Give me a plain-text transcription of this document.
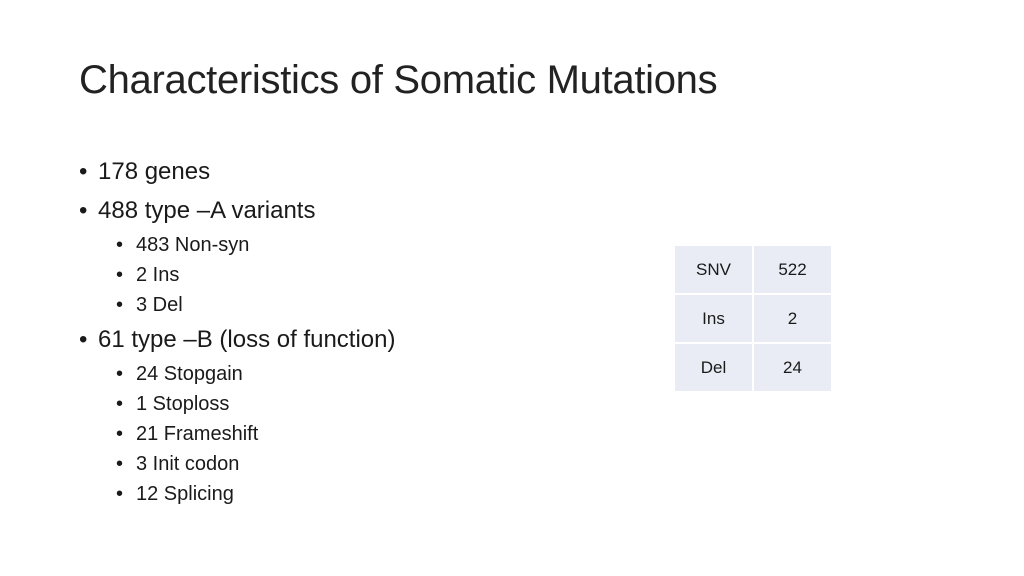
Characteristics of Somatic Mutations
• 178 genes
• 488 type –A variants
• 483 Non-syn
• 2 Ins
• 3 Del
• 61 type –B (loss of function)
• 24 Stopgain
• 1 Stoploss
• 21 Frameshift
• 3 Init codon
• 12 Splicing
SNV	522
Ins	2
Del	24
